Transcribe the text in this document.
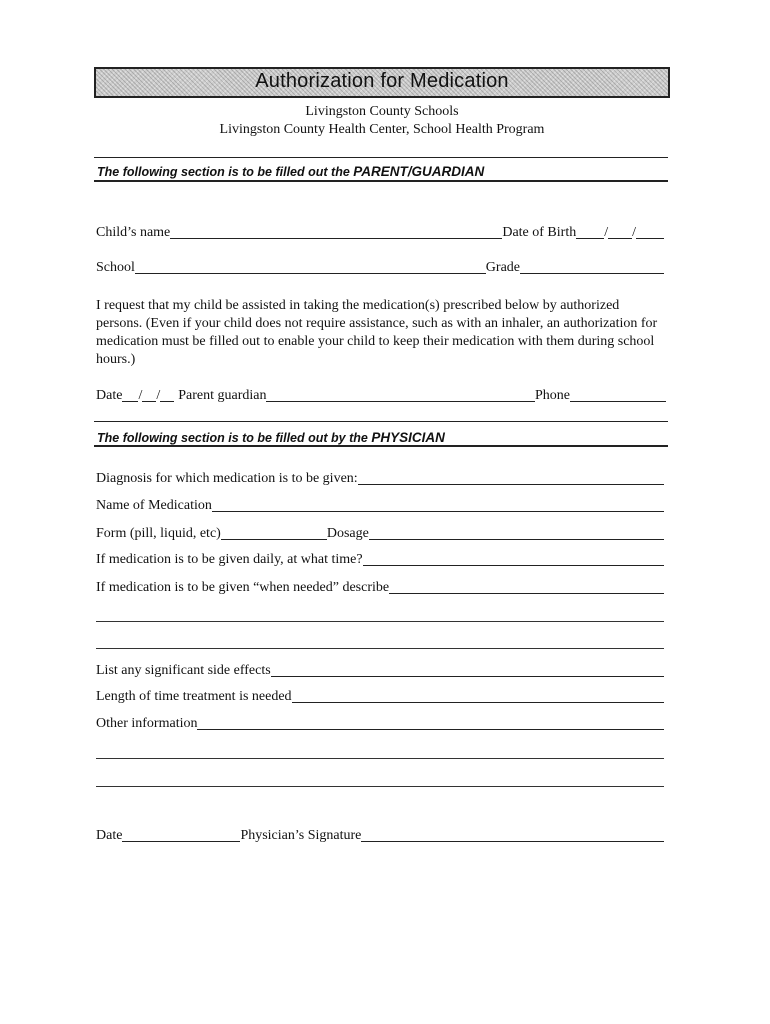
Authorization for Medication
Livingston County Schools
Livingston County Health Center, School Health Program
The following section is to be filled out the PARENT/GUARDIAN
Child’s name	Date of Birth / /
School	Grade
I request that my child be assisted in taking the medication(s) prescribed below by authorized persons. (Even if your child does not require assistance, such as with an inhaler, an authorization for medication must be filled out to enable your child to keep their medication with them during school hours.)
Date / / Parent guardian	Phone
The following section is to be filled out by the PHYSICIAN
Diagnosis for which medication is to be given:
Name of Medication
Form (pill, liquid, etc)	Dosage
If medication is to be given daily, at what time?
If medication is to be given “when needed” describe
List any significant side effects
Length of time treatment is needed
Other information
Date	Physician’s Signature
